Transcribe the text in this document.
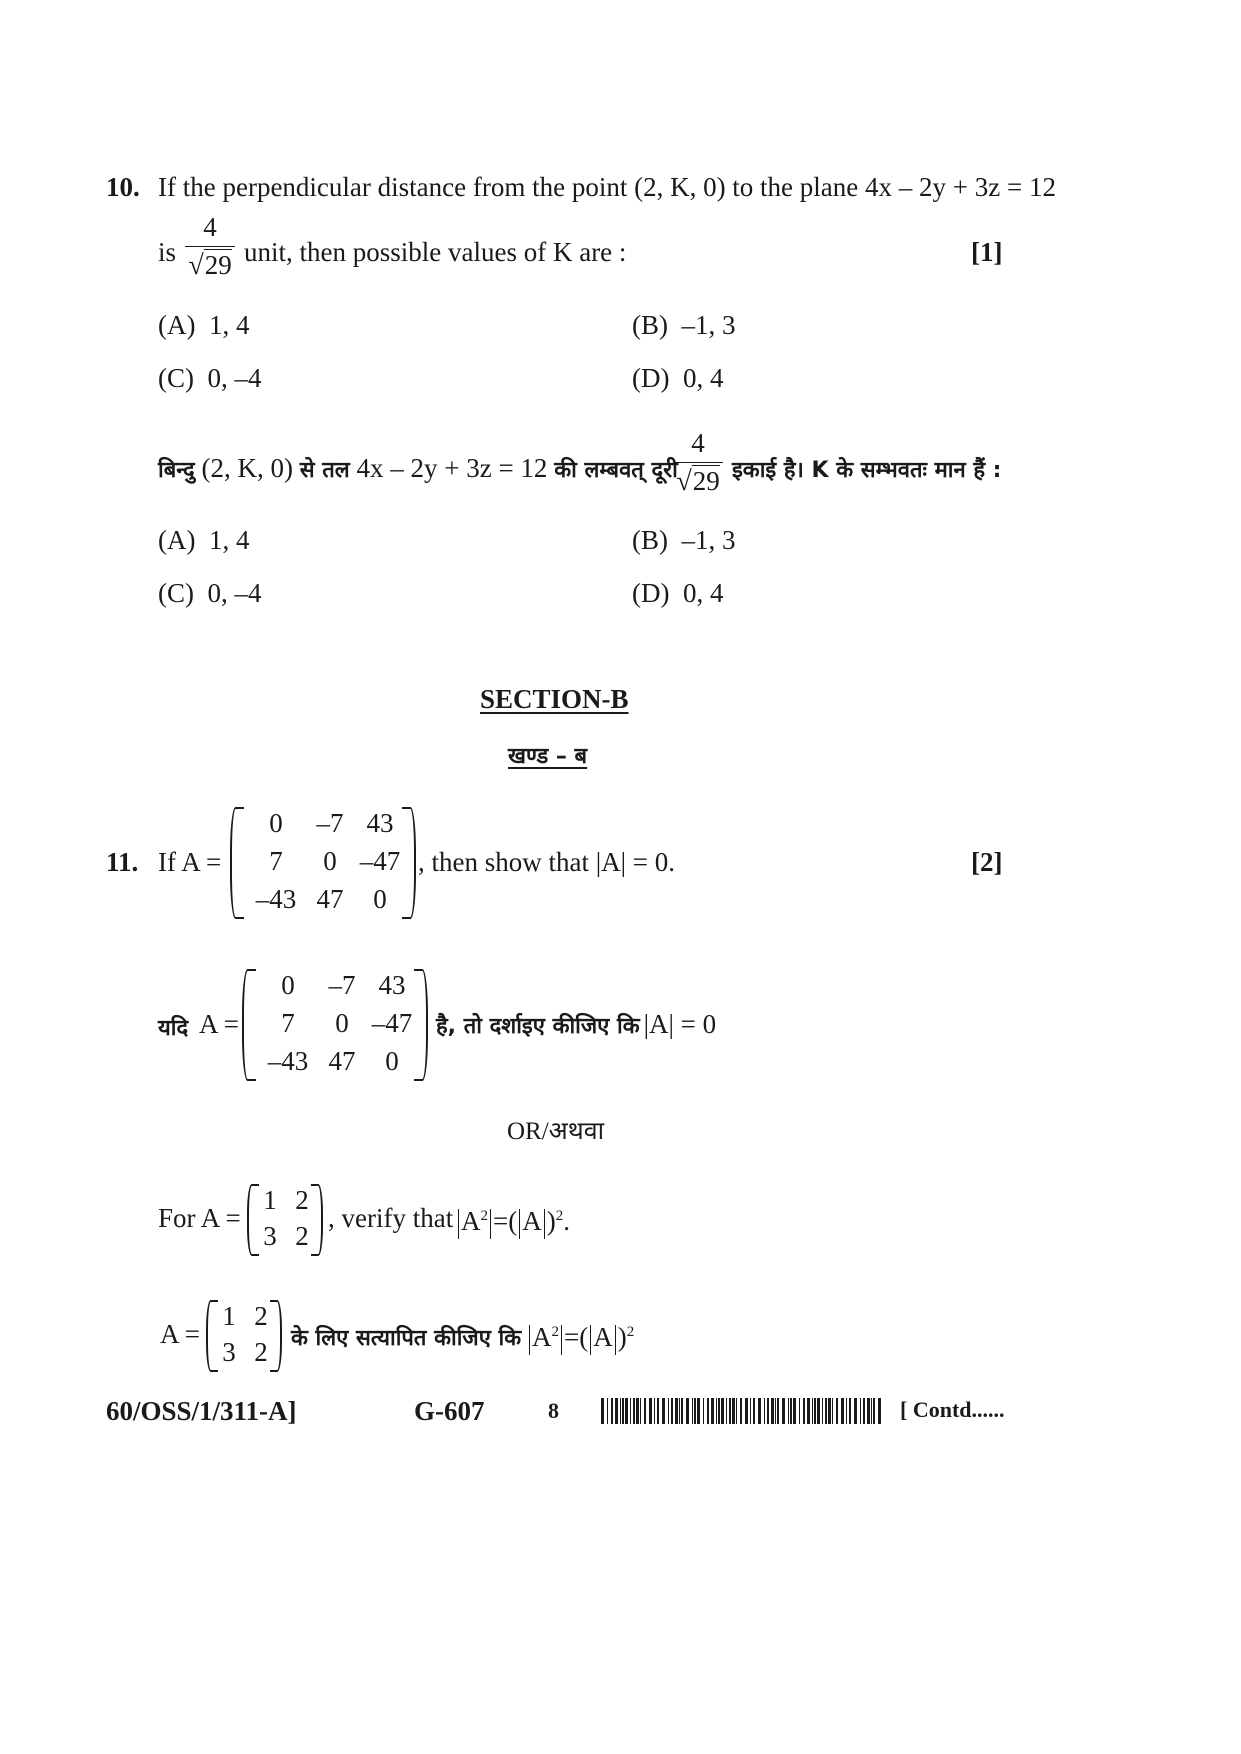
10. If the perpendicular distance from the point (2, K, 0) to the plane 4x – 2y + 3z = 12
is
4
√29 unit, then possible values of K are :	[1]
(A) 1, 4	(B) –1, 3
(C) 0, –4	(D) 0, 4
बिन्दु (2, K, 0) से तल 4x – 2y + 3z = 12 की लम्बवत् दूरी
4
√29 इकाई है। K के सम्भवतः मान हैं :
(A) 1, 4	(B) –1, 3
(C) 0, –4	(D) 0, 4
SECTION-B
खण्ड – ब
11. If A =
0	–7 43
7	0 –47
–43 47	0
, then show that |A| = 0.	[2]
यदि A =
0	–7 43
7	0 –47
–43 47	0
है, तो दर्शाइए कीजिए कि |A| = 0
OR/अथवा
For A =
1 2
3 2
, verify that $A^2$ =( A )$^2$.
A =
1 2
3 2	के लिए सत्यापित कीजिए कि $A^2$ =( A )$^2$
60/OSS/1/311-A]	G-607	8	[ Contd......
